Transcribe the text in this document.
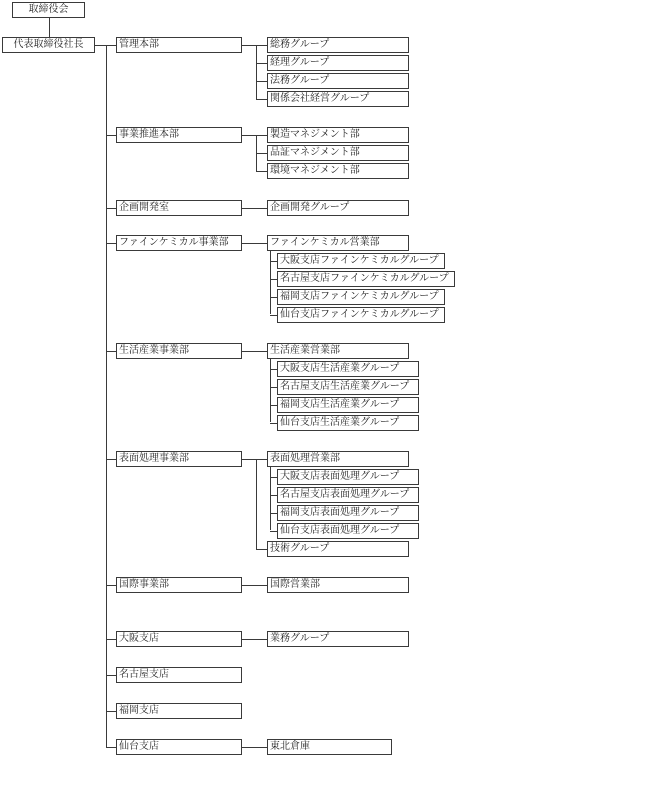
取締役会
代表取締役社長	管理本部	総務グループ
経理グループ
法務グループ
関係会社経営グループ
事業推進本部	製造マネジメント部
品証マネジメント部
環境マネジメント部
企画開発室	企画開発グループ
ファインケミカル事業部	ファインケミカル営業部
大阪支店ファインケミカルグループ
名古屋支店ファインケミカルグループ
福岡支店ファインケミカルグループ
仙台支店ファインケミカルグループ
生活産業事業部	生活産業営業部
大阪支店生活産業グループ
名古屋支店生活産業グループ
福岡支店生活産業グループ
仙台支店生活産業グループ
表面処理事業部	表面処理営業部
大阪支店表面処理グループ
名古屋支店表面処理グループ
福岡支店表面処理グループ
仙台支店表面処理グループ
技術グループ
国際事業部	国際営業部
大阪支店	業務グループ
名古屋支店
福岡支店
仙台支店	東北倉庫
